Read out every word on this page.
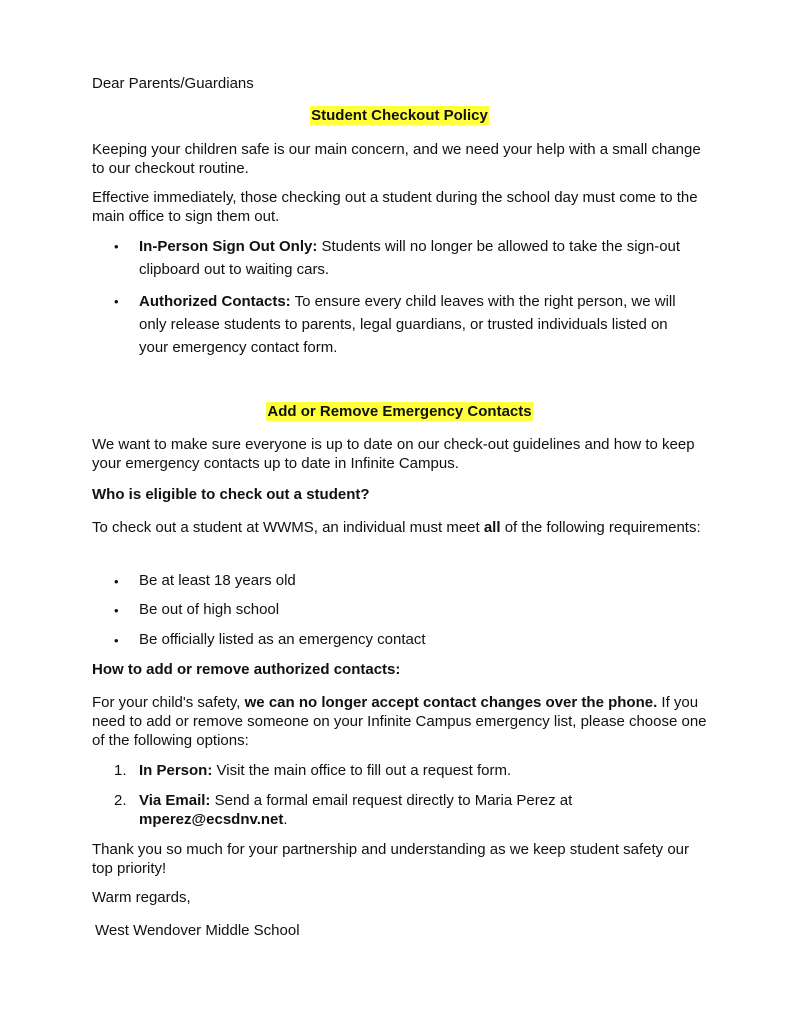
Dear Parents/Guardians

Student Checkout Policy

Keeping your children safe is our main concern, and we need your help with a small change to our checkout routine.

Effective immediately, those checking out a student during the school day must come to the main office to sign them out.

• In-Person Sign Out Only: Students will no longer be allowed to take the sign-out clipboard out to waiting cars.

• Authorized Contacts: To ensure every child leaves with the right person, we will only release students to parents, legal guardians, or trusted individuals listed on your emergency contact form.

Add or Remove Emergency Contacts

We want to make sure everyone is up to date on our check-out guidelines and how to keep your emergency contacts up to date in Infinite Campus.

Who is eligible to check out a student?

To check out a student at WWMS, an individual must meet all of the following requirements:

• Be at least 18 years old

• Be out of high school

• Be officially listed as an emergency contact

How to add or remove authorized contacts:

For your child's safety, we can no longer accept contact changes over the phone. If you need to add or remove someone on your Infinite Campus emergency list, please choose one of the following options:

1. In Person: Visit the main office to fill out a request form.

2. Via Email: Send a formal email request directly to Maria Perez at mperez@ecsdnv.net.

Thank you so much for your partnership and understanding as we keep student safety our top priority!

Warm regards,

West Wendover Middle School
